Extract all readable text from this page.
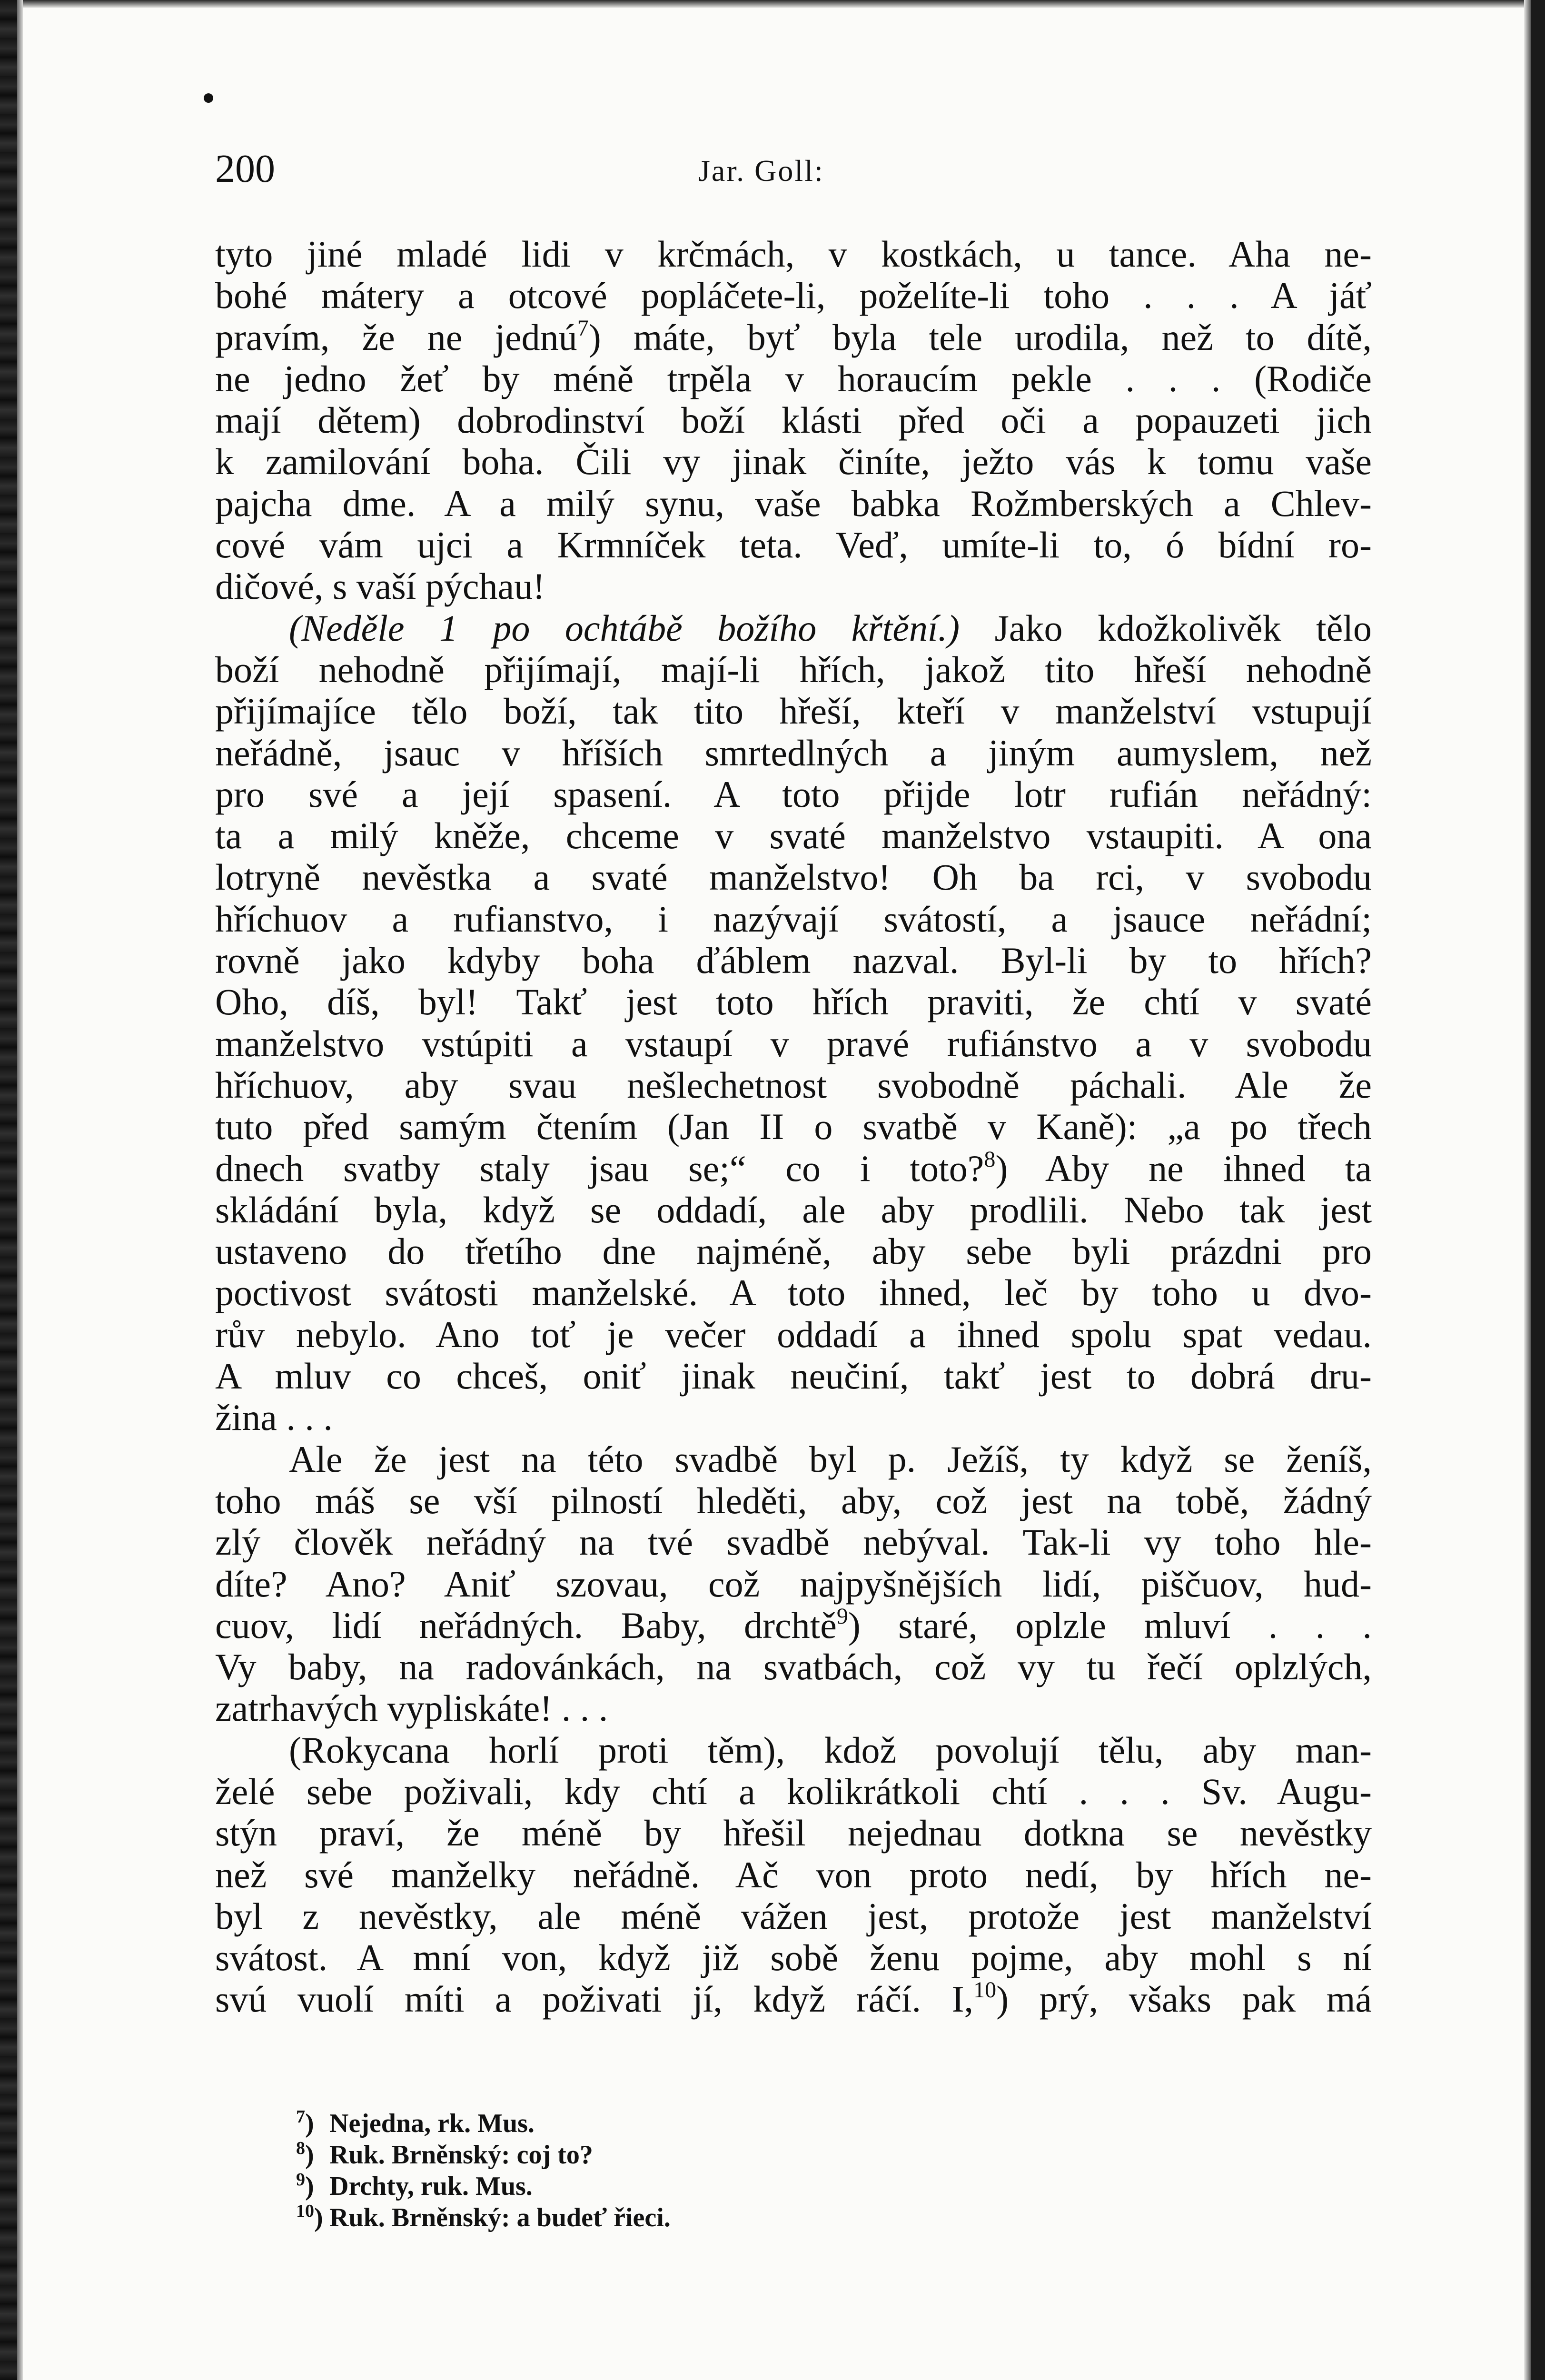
200	Jar. Goll:
tyto jiné mladé lidi v krčmách, v kostkách, u tance. Aha ne-
bohé mátery a otcové popláčete-li, poželíte-li toho . . . A jáť
pravím, že ne jednú$^7$) máte, byť byla tele urodila, než to dítě,
ne jedno žeť by méně trpěla v horaucím pekle . . . (Rodiče
mají dětem) dobrodinství boží klásti před oči a popauzeti jich
k zamilování boha. Čili vy jinak činíte, ježto vás k tomu vaše
pajcha dme. A a milý synu, vaše babka Rožmberských a Chlev-
cové vám ujci a Krmníček teta. Veď, umíte-li to, ó bídní ro-
dičové, s vaší pýchau!
(Neděle 1 po ochtábě božího křtění.) Jako kdožkolivěk tělo
boží nehodně přijímají, mají-li hřích, jakož tito hřeší nehodně
přijímajíce tělo boží, tak tito hřeší, kteří v manželství vstupují
neřádně, jsauc v hříších smrtedlných a jiným aumyslem, než
pro své a její spasení. A toto přijde lotr rufián neřádný:
ta a milý kněže, chceme v svaté manželstvo vstaupiti. A ona
lotryně nevěstka a svaté manželstvo! Oh ba rci, v svobodu
hříchuov a rufianstvo, i nazývají svátostí, a jsauce neřádní;
rovně jako kdyby boha ďáblem nazval. Byl-li by to hřích?
Oho, díš, byl! Takť jest toto hřích praviti, že chtí v svaté
manželstvo vstúpiti a vstaupí v pravé rufiánstvo a v svobodu
hříchuov, aby svau nešlechetnost svobodně páchali. Ale že
tuto před samým čtením (Jan II o svatbě v Kaně): „a po třech
dnech svatby staly jsau se;“ co i toto?$^8$) Aby ne ihned ta
skládání byla, když se oddadí, ale aby prodlili. Nebo tak jest
ustaveno do třetího dne najméně, aby sebe byli prázdni pro
poctivost svátosti manželské. A toto ihned, leč by toho u dvo-
rův nebylo. Ano toť je večer oddadí a ihned spolu spat vedau.
A mluv co chceš, oniť jinak neučiní, takť jest to dobrá dru-
žina . . .
Ale že jest na této svadbě byl p. Ježíš, ty když se ženíš,
toho máš se vší pilností hleděti, aby, což jest na tobě, žádný
zlý člověk neřádný na tvé svadbě nebýval. Tak-li vy toho hle-
díte? Ano? Aniť szovau, což najpyšnějších lidí, piščuov, hud-
cuov, lidí neřádných. Baby, drchtě$^9$) staré, oplzle mluví . . .
Vy baby, na radovánkách, na svatbách, což vy tu řečí oplzlých,
zatrhavých vypliskáte! . . .
(Rokycana horlí proti těm), kdož povolují tělu, aby man-
želé sebe poživali, kdy chtí a kolikrátkoli chtí . . . Sv. Augu-
stýn praví, že méně by hřešil nejednau dotkna se nevěstky
než své manželky neřádně. Ač von proto nedí, by hřích ne-
byl z nevěstky, ale méně vážen jest, protože jest manželství
svátost. A mní von, když již sobě ženu pojme, aby mohl s ní
svú vuolí míti a poživati jí, když ráčí. I,$^{10}$) prý, všaks pak má
$^7$) Nejedna, rk. Mus.
$^8$) Ruk. Brněnský: coj to?
$^9$) Drchty, ruk. Mus.
$^{10}$) Ruk. Brněnský: a budeť řieci.
